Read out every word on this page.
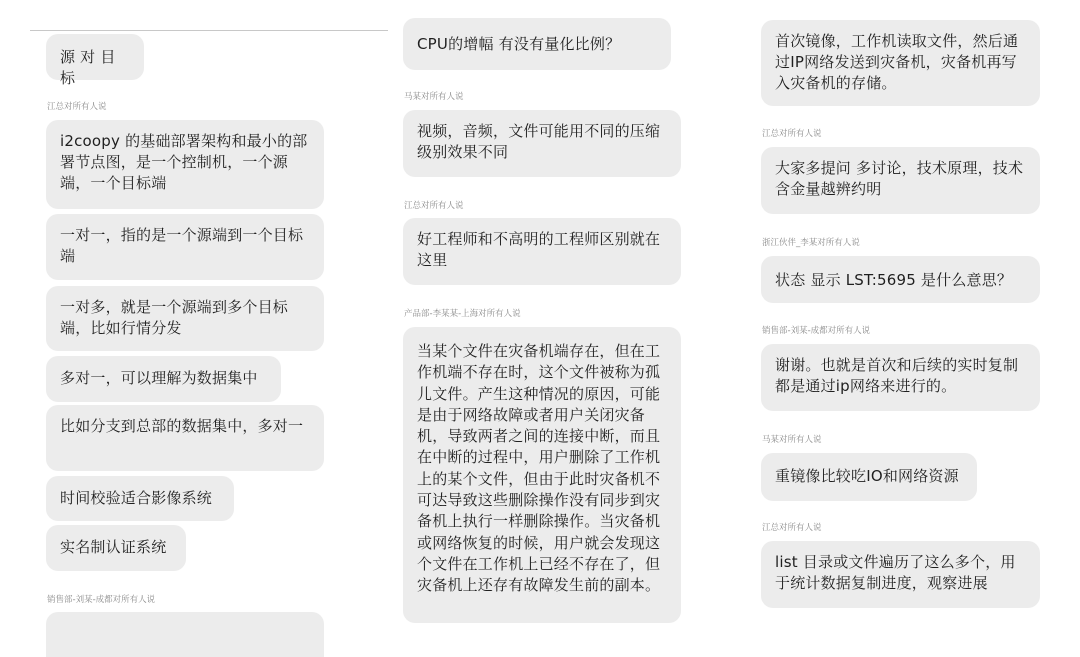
源 对 目标
江总对所有人说
i2coopy 的基础部署架构和最小的部署节点图，是一个控制机，一个源端，一个目标端
一对一，指的是一个源端到一个目标端
一对多，就是一个源端到多个目标端，比如行情分发
多对一，可以理解为数据集中
比如分支到总部的数据集中，多对一
时间校验适合影像系统
实名制认证系统
销售部-刘某-成都对所有人说
CPU的增幅 有没有量化比例？
马某对所有人说
视频，音频，文件可能用不同的压缩级别效果不同
江总对所有人说
好工程师和不高明的工程师区别就在这里
产品部-李某某-上海对所有人说
当某个文件在灾备机端存在，但在工作机端不存在时，这个文件被称为孤儿文件。产生这种情况的原因，可能是由于网络故障或者用户关闭灾备机，导致两者之间的连接中断，而且在中断的过程中，用户删除了工作机上的某个文件，但由于此时灾备机不可达导致这些删除操作没有同步到灾备机上执行一样删除操作。当灾备机或网络恢复的时候，用户就会发现这个文件在工作机上已经不存在了，但灾备机上还存有故障发生前的副本。
首次镜像，工作机读取文件，然后通过IP网络发送到灾备机，灾备机再写入灾备机的存储。
江总对所有人说
大家多提问 多讨论，技术原理，技术含金量越辨约明
浙江伙伴_李某对所有人说
状态 显示 LST:5695 是什么意思？
销售部-刘某-成都对所有人说
谢谢。也就是首次和后续的实时复制都是通过ip网络来进行的。
马某对所有人说
重镜像比较吃IO和网络资源
江总对所有人说
list 目录或文件遍历了这么多个，用于统计数据复制进度，观察进展
